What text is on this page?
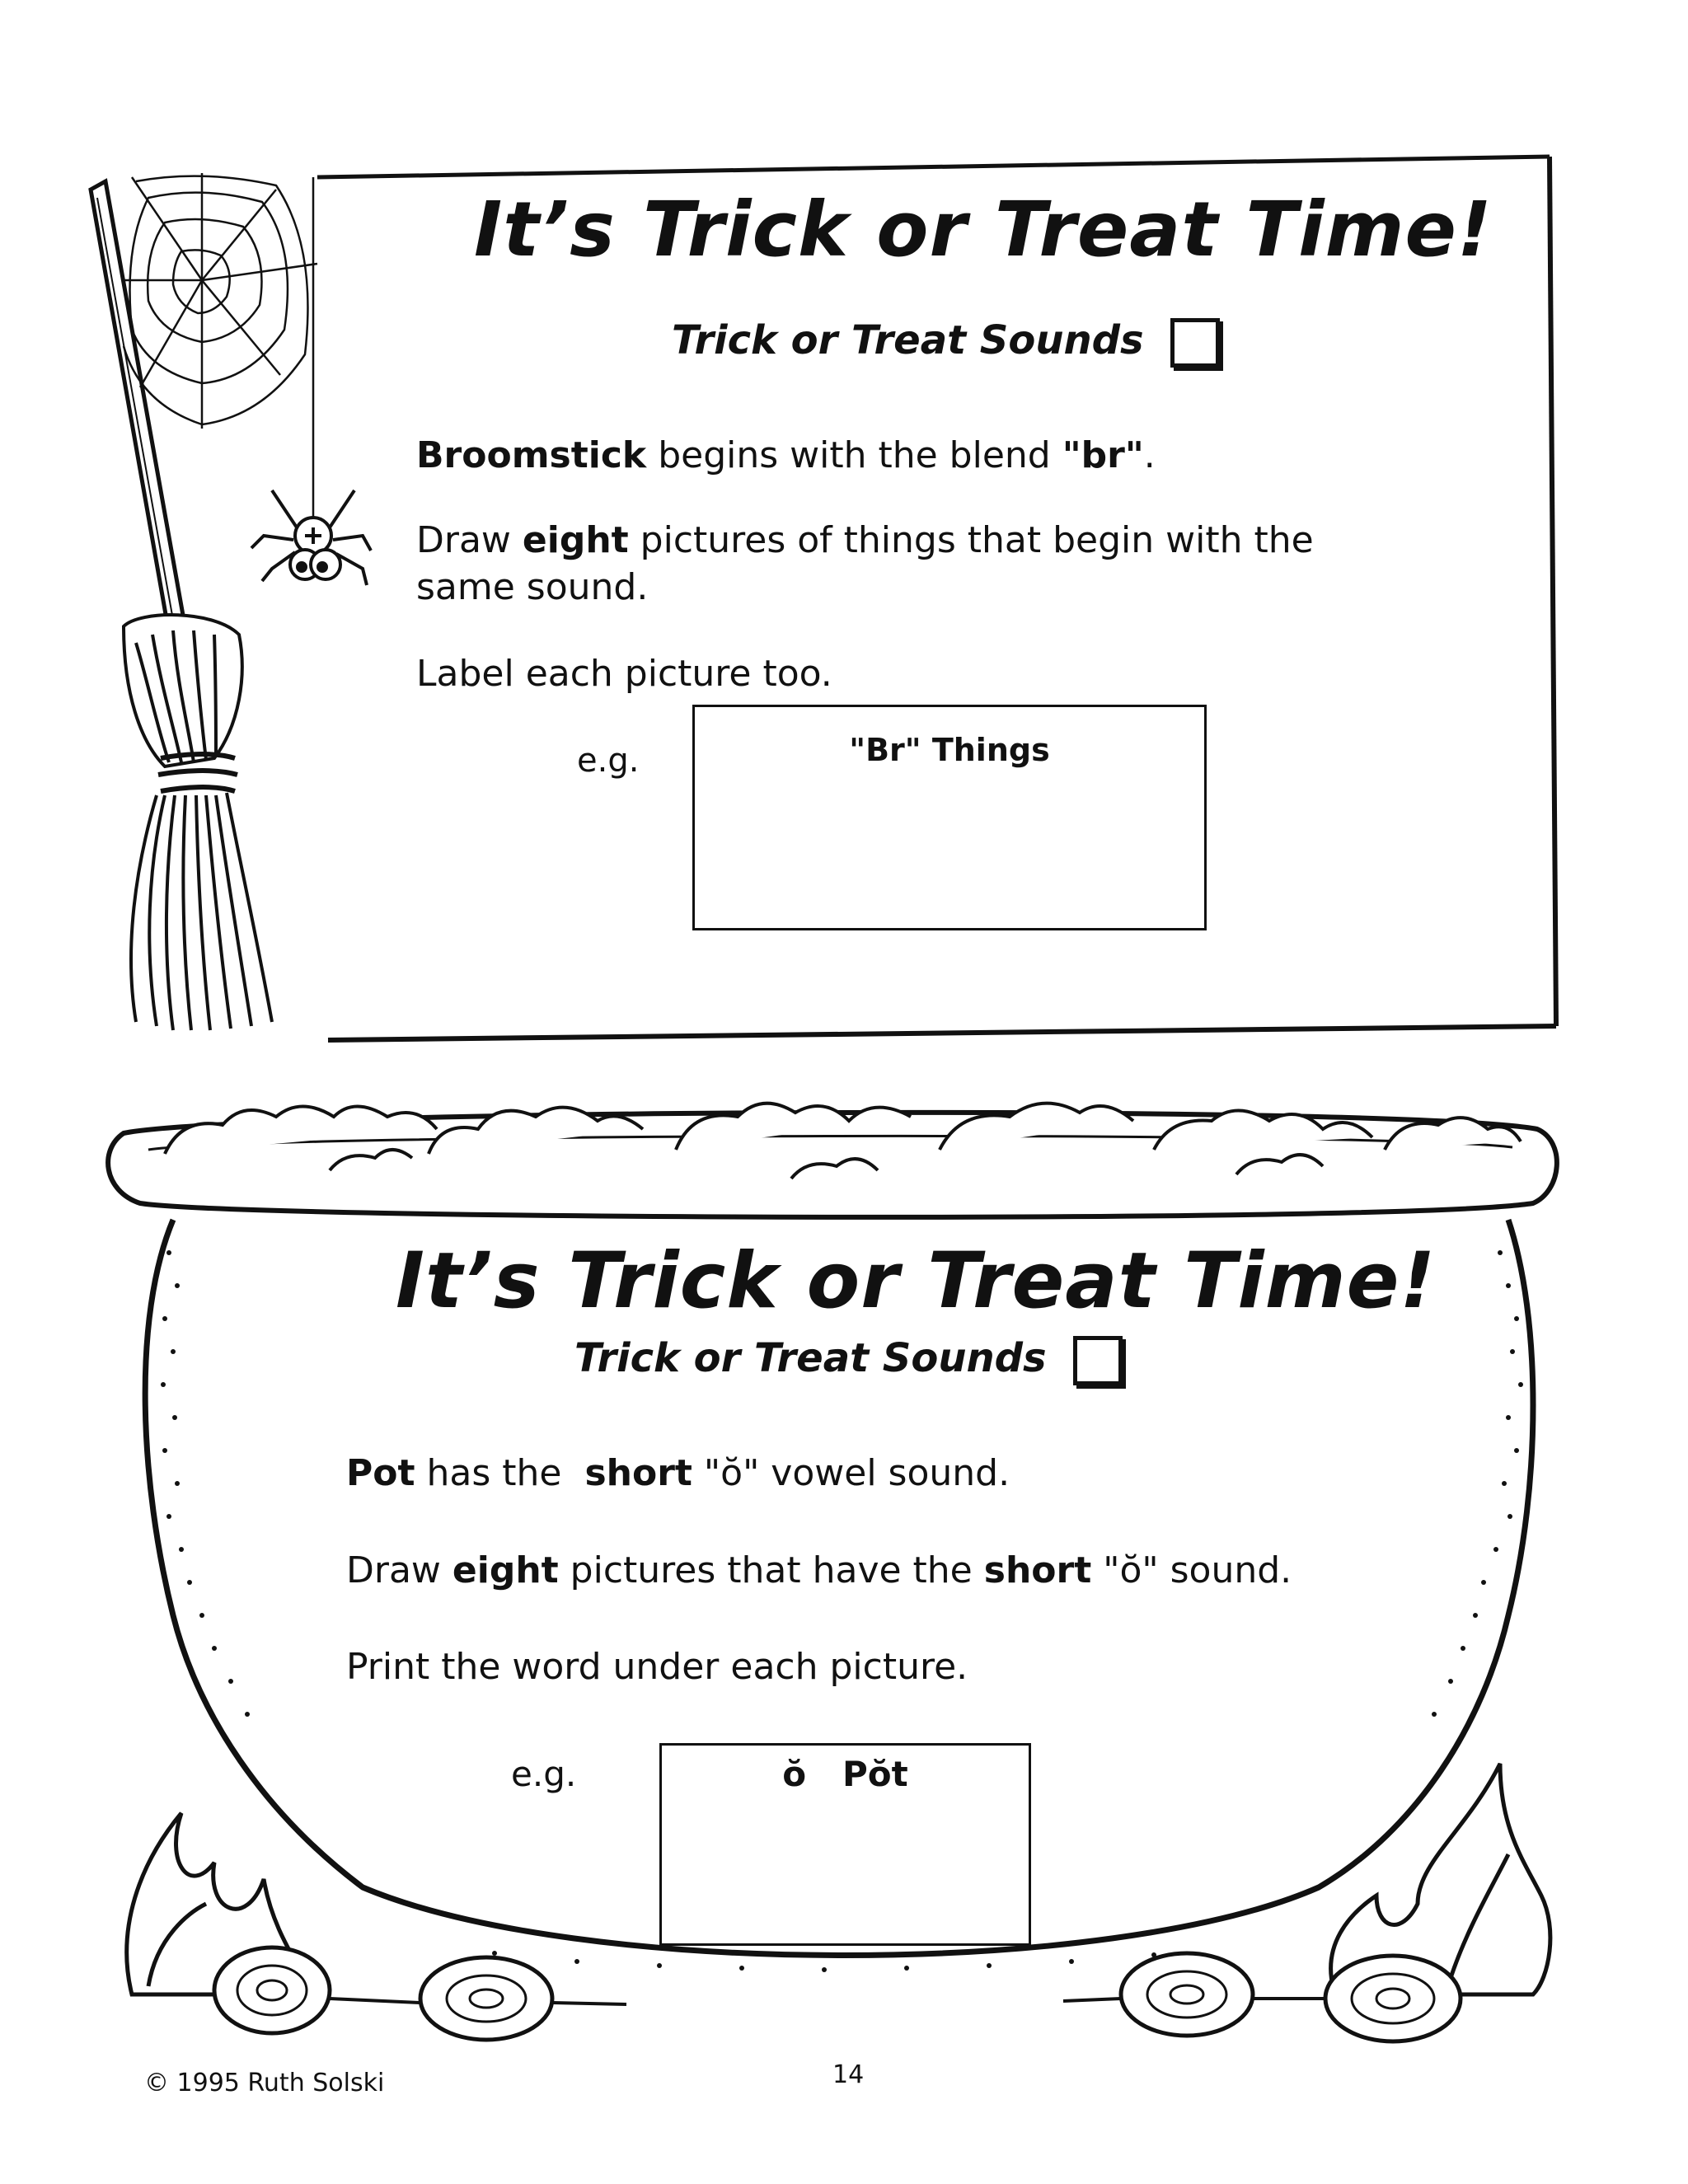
It’s Trick or Treat Time!
Trick or Treat Sounds
Broomstick begins with the blend "br".
Draw eight pictures of things that begin with the
same sound.
Label each picture too.
e.g.	"Br" Things
It’s Trick or Treat Time!
Trick or Treat Sounds
Pot has the  short "ŏ" vowel sound.
Draw eight pictures that have the short "ŏ" sound.
Print the word under each picture.
e.g.	ŏ   Pŏt
© 1995 Ruth Solski	14
